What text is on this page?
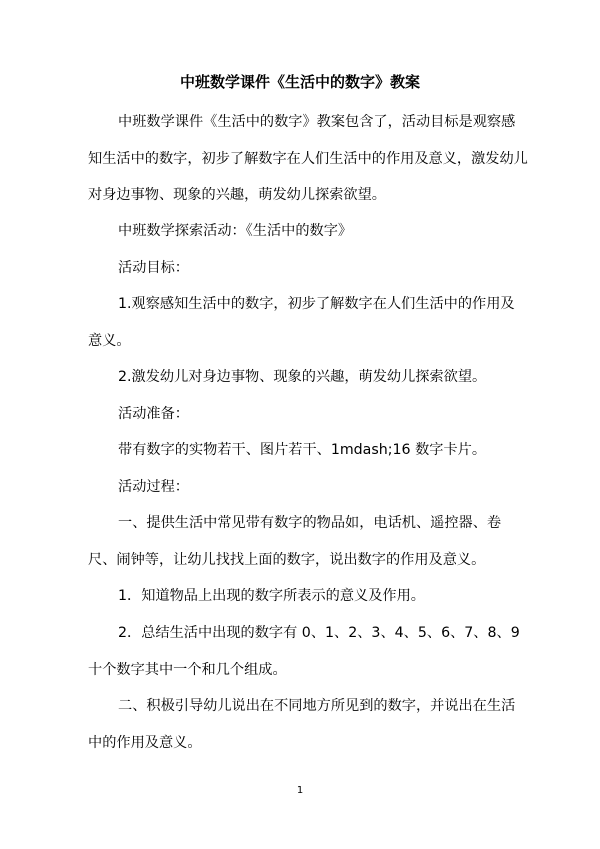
中班数学课件《生活中的数字》教案

中班数学课件《生活中的数字》教案包含了，活动目标是观察感知生活中的数字，初步了解数字在人们生活中的作用及意义，激发幼儿对身边事物、现象的兴趣，萌发幼儿探索欲望。

中班数学探索活动：《生活中的数字》

活动目标：

1.观察感知生活中的数字，初步了解数字在人们生活中的作用及意义。

2.激发幼儿对身边事物、现象的兴趣，萌发幼儿探索欲望。

活动准备：

带有数字的实物若干、图片若干、1mdash;16 数字卡片。

活动过程：

一、提供生活中常见带有数字的物品如，电话机、遥控器、卷尺、闹钟等，让幼儿找找上面的数字，说出数字的作用及意义。

1．知道物品上出现的数字所表示的意义及作用。

2．总结生活中出现的数字有 0、1、2、3、4、5、6、7、8、9 十个数字其中一个和几个组成。

二、积极引导幼儿说出在不同地方所见到的数字，并说出在生活中的作用及意义。

1
